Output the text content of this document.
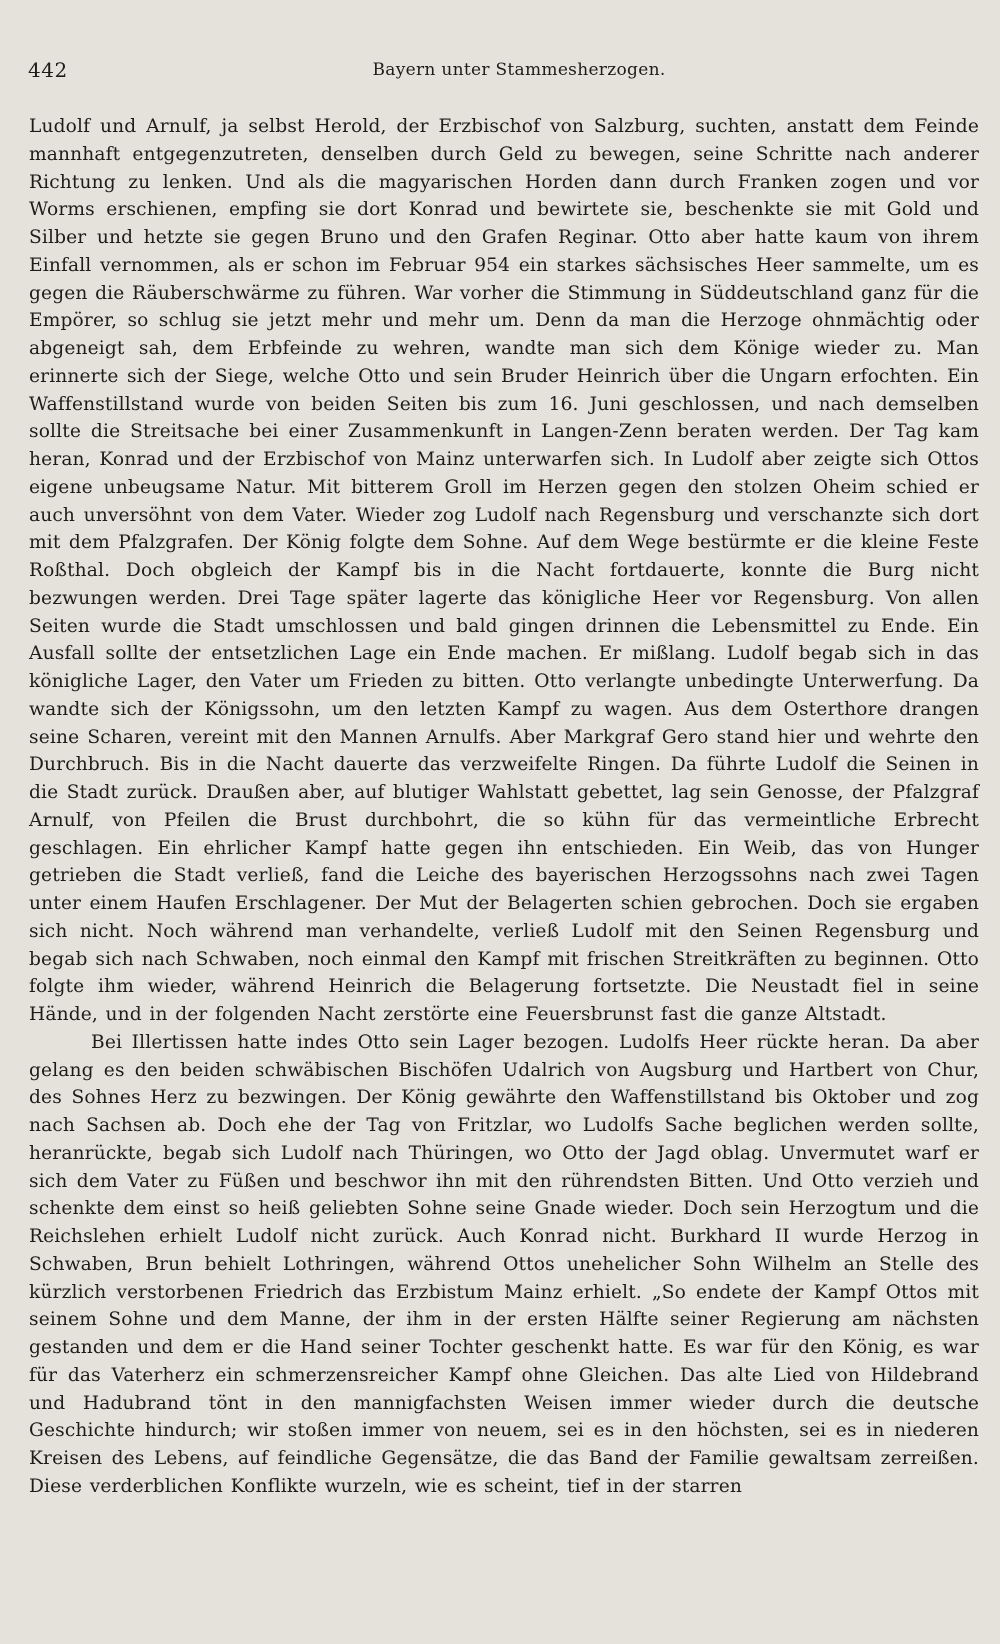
442	Bayern unter Stammesherzogen.

Ludolf und Arnulf, ja selbst Herold, der Erzbischof von Salzburg, suchten, anstatt dem Feinde mannhaft entgegenzutreten, denselben durch Geld zu bewegen, seine Schritte nach anderer Richtung zu lenken. Und als die magyarischen Horden dann durch Franken zogen und vor Worms erschienen, empfing sie dort Konrad und bewirtete sie, beschenkte sie mit Gold und Silber und hetzte sie gegen Bruno und den Grafen Reginar. Otto aber hatte kaum von ihrem Einfall vernommen, als er schon im Februar 954 ein starkes sächsisches Heer sammelte, um es gegen die Räuberschwärme zu führen. War vorher die Stimmung in Süddeutschland ganz für die Empörer, so schlug sie jetzt mehr und mehr um. Denn da man die Herzoge ohnmächtig oder abgeneigt sah, dem Erbfeinde zu wehren, wandte man sich dem Könige wieder zu. Man erinnerte sich der Siege, welche Otto und sein Bruder Heinrich über die Ungarn erfochten. Ein Waffenstillstand wurde von beiden Seiten bis zum 16. Juni geschlossen, und nach demselben sollte die Streitsache bei einer Zusammenkunft in Langen-Zenn beraten werden. Der Tag kam heran, Konrad und der Erzbischof von Mainz unterwarfen sich. In Ludolf aber zeigte sich Ottos eigene unbeugsame Natur. Mit bitterem Groll im Herzen gegen den stolzen Oheim schied er auch unversöhnt von dem Vater. Wieder zog Ludolf nach Regensburg und verschanzte sich dort mit dem Pfalzgrafen. Der König folgte dem Sohne. Auf dem Wege bestürmte er die kleine Feste Roßthal. Doch obgleich der Kampf bis in die Nacht fortdauerte, konnte die Burg nicht bezwungen werden. Drei Tage später lagerte das königliche Heer vor Regensburg. Von allen Seiten wurde die Stadt umschlossen und bald gingen drinnen die Lebensmittel zu Ende. Ein Ausfall sollte der entsetzlichen Lage ein Ende machen. Er mißlang. Ludolf begab sich in das königliche Lager, den Vater um Frieden zu bitten. Otto verlangte unbedingte Unterwerfung. Da wandte sich der Königssohn, um den letzten Kampf zu wagen. Aus dem Osterthore drangen seine Scharen, vereint mit den Mannen Arnulfs. Aber Markgraf Gero stand hier und wehrte den Durchbruch. Bis in die Nacht dauerte das verzweifelte Ringen. Da führte Ludolf die Seinen in die Stadt zurück. Draußen aber, auf blutiger Wahlstatt gebettet, lag sein Genosse, der Pfalzgraf Arnulf, von Pfeilen die Brust durchbohrt, die so kühn für das vermeintliche Erbrecht geschlagen. Ein ehrlicher Kampf hatte gegen ihn entschieden. Ein Weib, das von Hunger getrieben die Stadt verließ, fand die Leiche des bayerischen Herzogssohns nach zwei Tagen unter einem Haufen Erschlagener. Der Mut der Belagerten schien gebrochen. Doch sie ergaben sich nicht. Noch während man verhandelte, verließ Ludolf mit den Seinen Regensburg und begab sich nach Schwaben, noch einmal den Kampf mit frischen Streitkräften zu beginnen. Otto folgte ihm wieder, während Heinrich die Belagerung fortsetzte. Die Neustadt fiel in seine Hände, und in der folgenden Nacht zerstörte eine Feuersbrunst fast die ganze Altstadt.

Bei Illertissen hatte indes Otto sein Lager bezogen. Ludolfs Heer rückte heran. Da aber gelang es den beiden schwäbischen Bischöfen Udalrich von Augsburg und Hartbert von Chur, des Sohnes Herz zu bezwingen. Der König gewährte den Waffenstillstand bis Oktober und zog nach Sachsen ab. Doch ehe der Tag von Fritzlar, wo Ludolfs Sache beglichen werden sollte, heranrückte, begab sich Ludolf nach Thüringen, wo Otto der Jagd oblag. Unvermutet warf er sich dem Vater zu Füßen und beschwor ihn mit den rührendsten Bitten. Und Otto verzieh und schenkte dem einst so heiß geliebten Sohne seine Gnade wieder. Doch sein Herzogtum und die Reichslehen erhielt Ludolf nicht zurück. Auch Konrad nicht. Burkhard II wurde Herzog in Schwaben, Brun behielt Lothringen, während Ottos unehelicher Sohn Wilhelm an Stelle des kürzlich verstorbenen Friedrich das Erzbistum Mainz erhielt. „So endete der Kampf Ottos mit seinem Sohne und dem Manne, der ihm in der ersten Hälfte seiner Regierung am nächsten gestanden und dem er die Hand seiner Tochter geschenkt hatte. Es war für den König, es war für das Vaterherz ein schmerzensreicher Kampf ohne Gleichen. Das alte Lied von Hildebrand und Hadubrand tönt in den mannigfachsten Weisen immer wieder durch die deutsche Geschichte hindurch; wir stoßen immer von neuem, sei es in den höchsten, sei es in niederen Kreisen des Lebens, auf feindliche Gegensätze, die das Band der Familie gewaltsam zerreißen. Diese verderblichen Konflikte wurzeln, wie es scheint, tief in der starren
